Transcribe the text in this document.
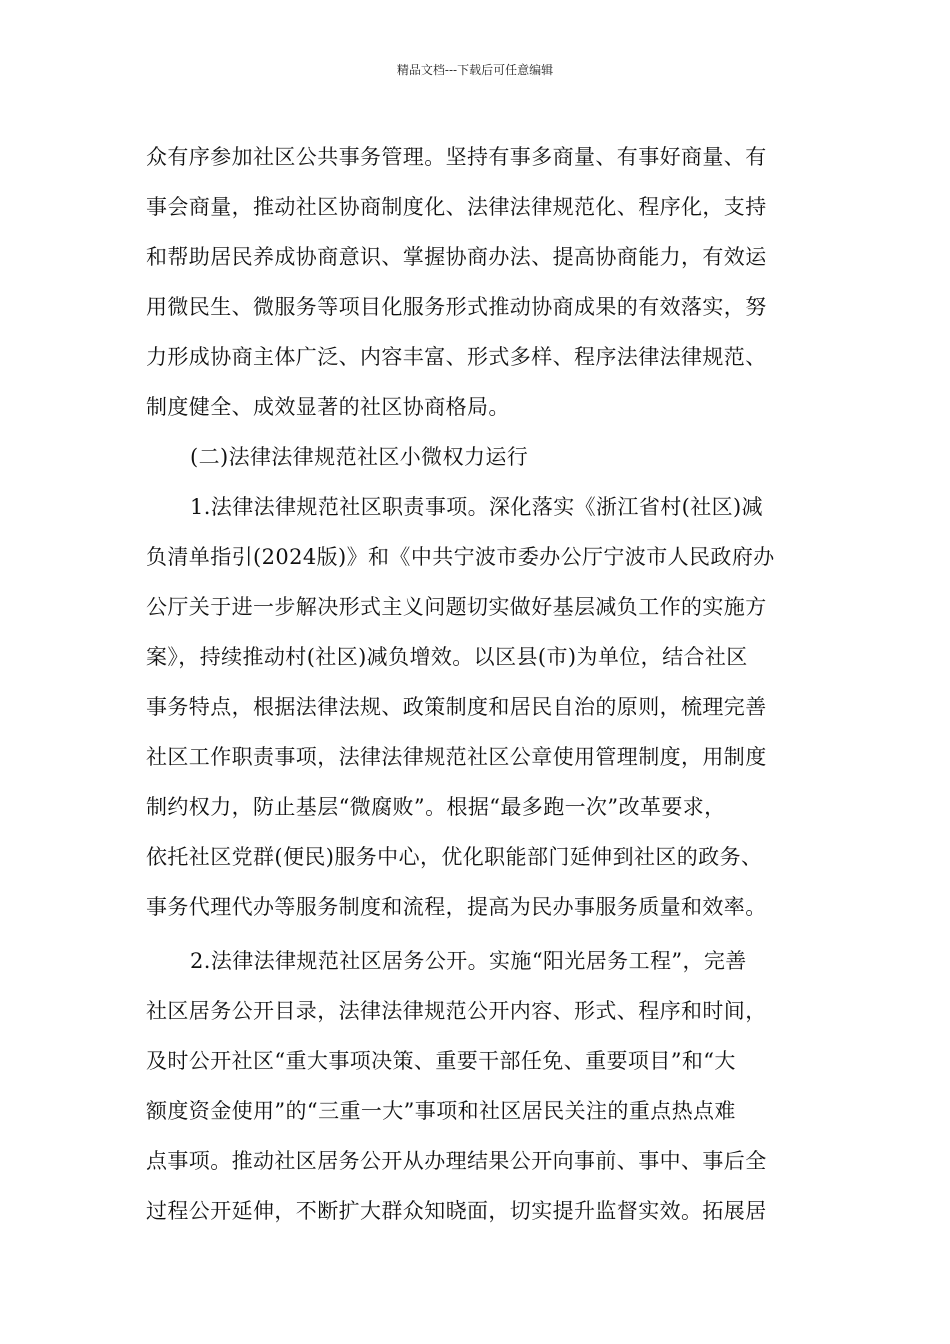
精品文档---下载后可任意编辑
众有序参加社区公共事务管理。坚持有事多商量、有事好商量、有
事会商量，推动社区协商制度化、法律法律规范化、程序化，支持
和帮助居民养成协商意识、掌握协商办法、提高协商能力，有效运
用微民生、微服务等项目化服务形式推动协商成果的有效落实，努
力形成协商主体广泛、内容丰富、形式多样、程序法律法律规范、
制度健全、成效显著的社区协商格局。
(二)法律法律规范社区小微权力运行
1.法律法律规范社区职责事项。深化落实《浙江省村(社区)减
负清单指引(2024版)》和《中共宁波市委办公厅宁波市人民政府办
公厅关于进一步解决形式主义问题切实做好基层减负工作的实施方
案》，持续推动村(社区)减负增效。以区县(市)为单位，结合社区
事务特点，根据法律法规、政策制度和居民自治的原则，梳理完善
社区工作职责事项，法律法律规范社区公章使用管理制度，用制度
制约权力，防止基层“微腐败”。根据“最多跑一次”改革要求，
依托社区党群(便民)服务中心，优化职能部门延伸到社区的政务、
事务代理代办等服务制度和流程，提高为民办事服务质量和效率。
2.法律法律规范社区居务公开。实施“阳光居务工程”，完善
社区居务公开目录，法律法律规范公开内容、形式、程序和时间，
及时公开社区“重大事项决策、重要干部任免、重要项目”和“大
额度资金使用”的“三重一大”事项和社区居民关注的重点热点难
点事项。推动社区居务公开从办理结果公开向事前、事中、事后全
过程公开延伸，不断扩大群众知晓面，切实提升监督实效。拓展居
